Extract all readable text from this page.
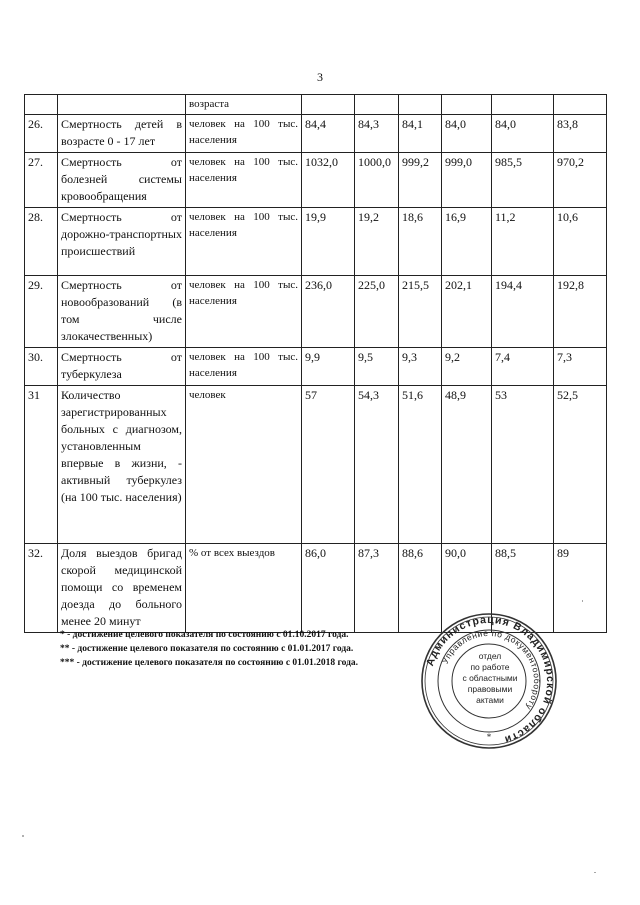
3
		возраста						
26.	Смертность детей в возрасте 0 - 17 лет	человек на 100 тыс. населения	84,4	84,3	84,1	84,0	84,0	83,8
27.	Смертность от болезней системы кровообращения	человек на 100 тыс. населения	1032,0	1000,0	999,2	999,0	985,5	970,2
28.	Смертность от дорожно-транспортных происшествий	человек на 100 тыс. населения	19,9	19,2	18,6	16,9	11,2	10,6
29.	Смертность от новообразований (в том числе злокачественных)	человек на 100 тыс. населения	236,0	225,0	215,5	202,1	194,4	192,8
30.	Смертность от туберкулеза	человек на 100 тыс. населения	9,9	9,5	9,3	9,2	7,4	7,3
31	Количество зарегистрированных больных с диагнозом, установленным впервые в жизни, - активный туберкулез (на 100 тыс. населения)	человек	57	54,3	51,6	48,9	53	52,5
32.	Доля выездов бригад скорой медицинской помощи со временем доезда до больного менее 20 минут	% от всех выездов	86,0	87,3	88,6	90,0	88,5	89
* - достижение целевого показателя по состоянию с 01.10.2017 года.
** - достижение целевого показателя по состоянию с 01.01.2017 года.
*** - достижение целевого показателя по состоянию с 01.01.2018 года.	Администрация Владимирской области
Управление по документообороту
*
отдел
по работе
с областными
правовыми
актами
